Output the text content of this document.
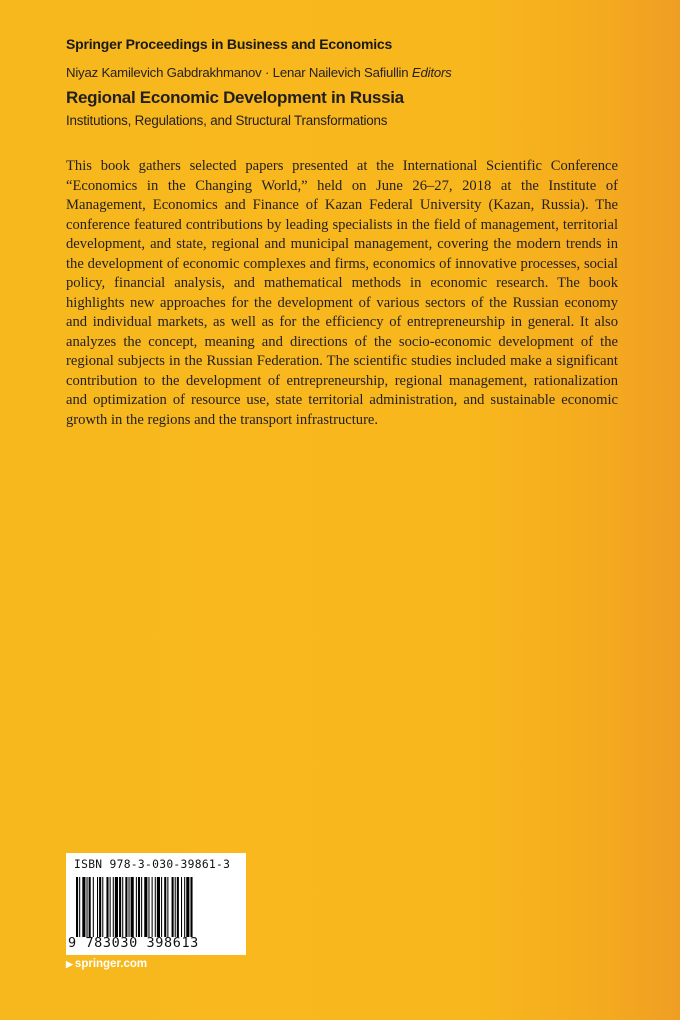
Springer Proceedings in Business and Economics
Niyaz Kamilevich Gabdrakhmanov · Lenar Nailevich Safiullin Editors
Regional Economic Development in Russia
Institutions, Regulations, and Structural Transformations

This book gathers selected papers presented at the International Scientific Conference “Economics in the Changing World,” held on June 26–27, 2018 at the Institute of Management, Economics and Finance of Kazan Federal University (Kazan, Russia). The conference featured contributions by leading specialists in the field of management, territorial development, and state, regional and municipal management, covering the modern trends in the development of economic complexes and firms, economics of innovative processes, social policy, financial analysis, and mathematical methods in economic research. The book highlights new approaches for the development of various sectors of the Russian economy and individual markets, as well as for the efficiency of entrepreneurship in general. It also analyzes the concept, meaning and directions of the socio-economic development of the regional subjects in the Russian Federation. The scientific studies included make a significant contribution to the development of entrepreneurship, regional management, rationalization and optimization of resource use, state territorial administration, and sustainable economic growth in the regions and the transport infrastructure.

ISBN 978-3-030-39861-3
9 783030 398613
▶ springer.com
